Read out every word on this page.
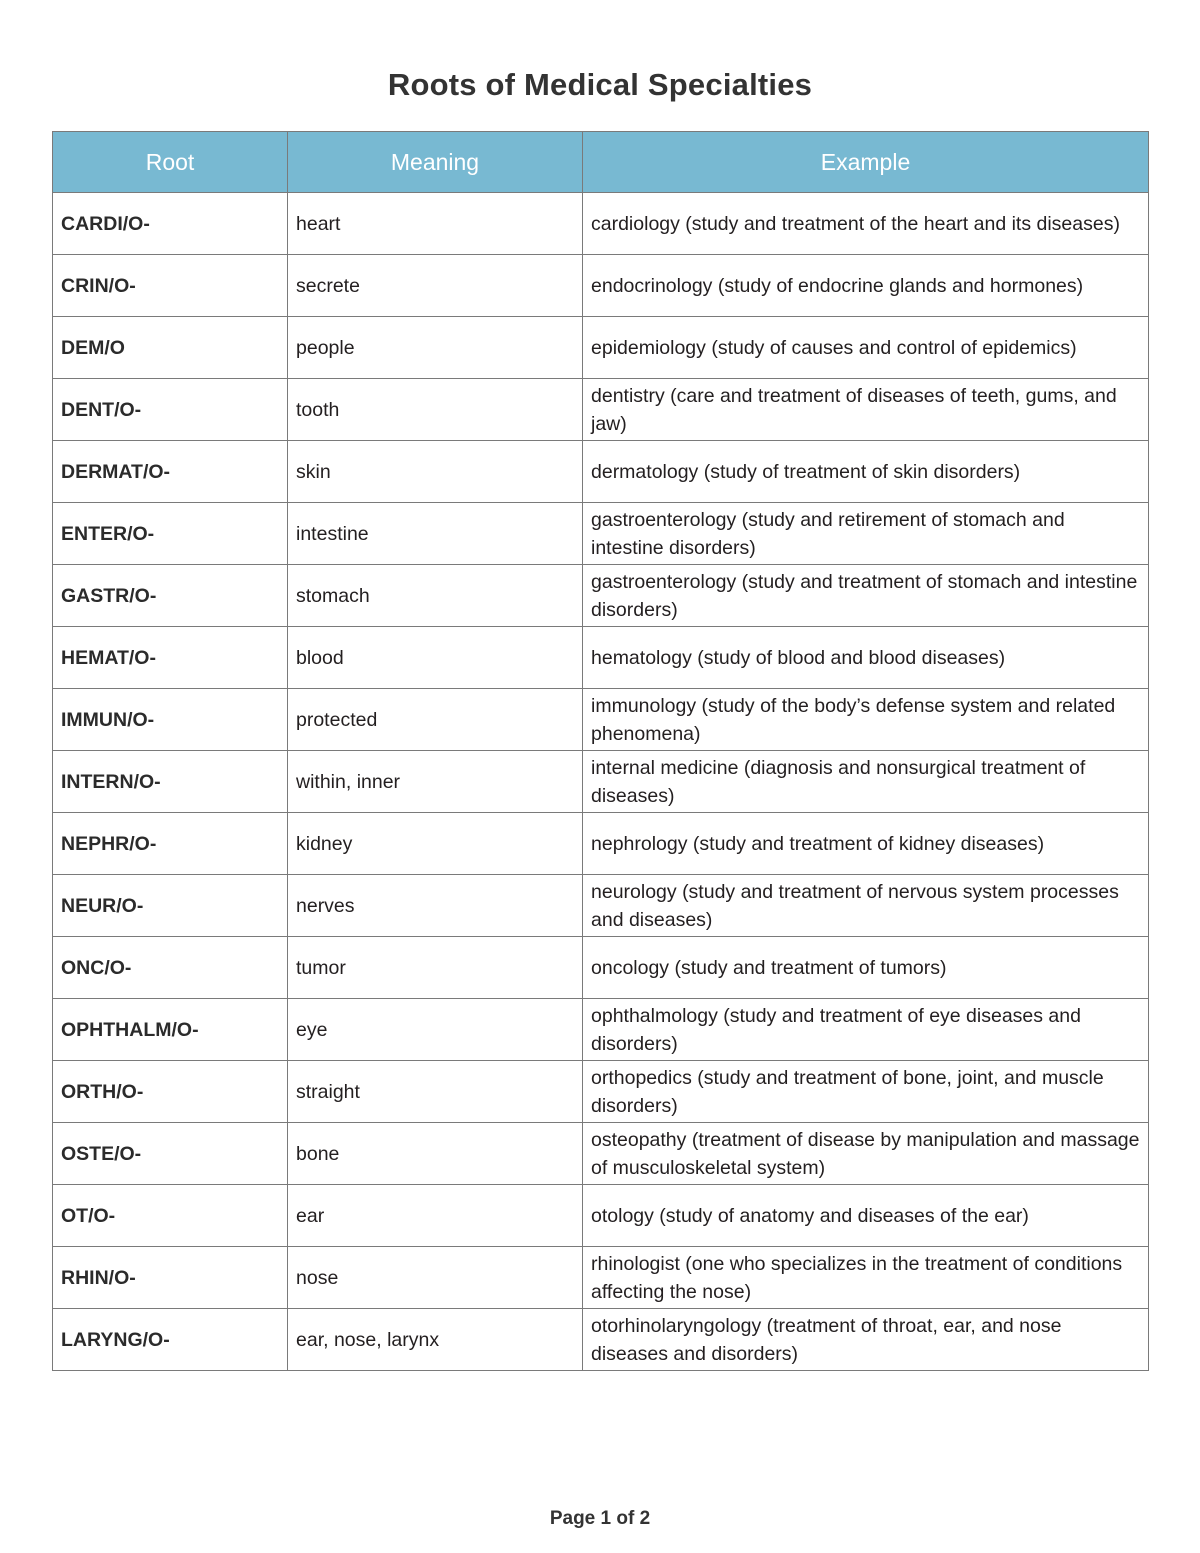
Roots of Medical Specialties
Root	Meaning	Example
CARDI/O-	heart	cardiology (study and treatment of the heart and its diseases)
CRIN/O-	secrete	endocrinology (study of endocrine glands and hormones)
DEM/O	people	epidemiology (study of causes and control of epidemics)
DENT/O-	tooth	dentistry (care and treatment of diseases of teeth, gums, and jaw)
DERMAT/O-	skin	dermatology (study of treatment of skin disorders)
ENTER/O-	intestine	gastroenterology (study and retirement of stomach and intestine disorders)
GASTR/O-	stomach	gastroenterology (study and treatment of stomach and intestine disorders)
HEMAT/O-	blood	hematology (study of blood and blood diseases)
IMMUN/O-	protected	immunology (study of the body’s defense system and related phenomena)
INTERN/O-	within, inner	internal medicine (diagnosis and nonsurgical treatment of diseases)
NEPHR/O-	kidney	nephrology (study and treatment of kidney diseases)
NEUR/O-	nerves	neurology (study and treatment of nervous system processes and diseases)
ONC/O-	tumor	oncology (study and treatment of tumors)
OPHTHALM/O-	eye	ophthalmology (study and treatment of eye diseases and disorders)
ORTH/O-	straight	orthopedics (study and treatment of bone, joint, and muscle disorders)
OSTE/O-	bone	osteopathy (treatment of disease by manipulation and massage of musculoskeletal system)
OT/O-	ear	otology (study of anatomy and diseases of the ear)
RHIN/O-	nose	rhinologist (one who specializes in the treatment of conditions affecting the nose)
LARYNG/O-	ear, nose, larynx	otorhinolaryngology (treatment of throat, ear, and nose diseases and disorders)
Page 1 of 2
